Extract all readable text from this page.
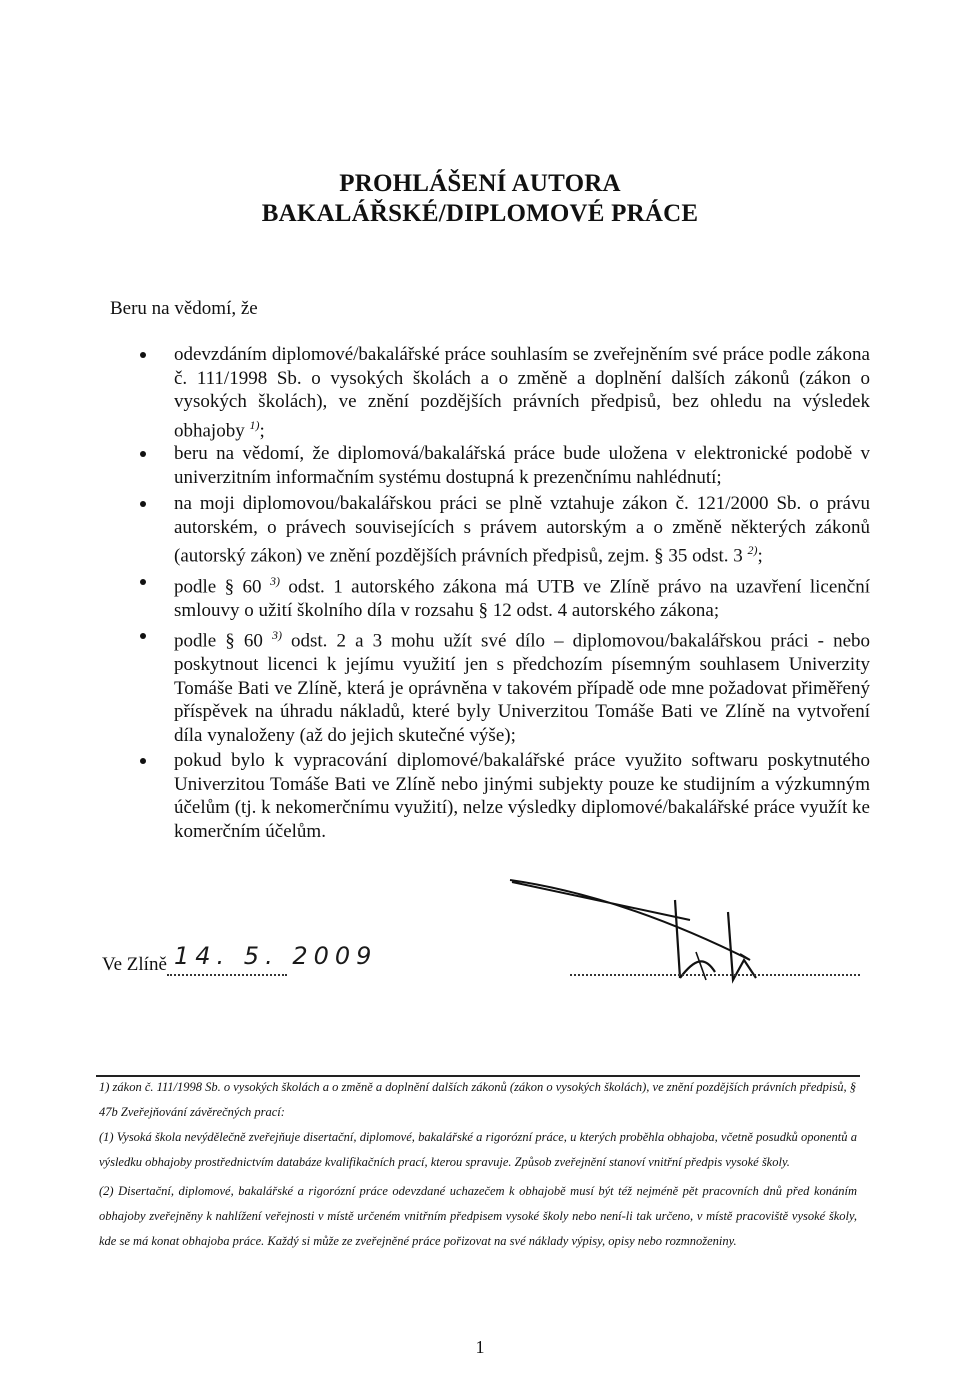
PROHLÁŠENÍ AUTORA
BAKALÁŘSKÉ/DIPLOMOVÉ PRÁCE
Beru na vědomí, že
odevzdáním diplomové/bakalářské práce souhlasím se zveřejněním své práce podle zákona č. 111/1998 Sb. o vysokých školách a o změně a doplnění dalších zákonů (zákon o vysokých školách), ve znění pozdějších právních předpisů, bez ohledu na výsledek obhajoby $^{1)}$;
beru na vědomí, že diplomová/bakalářská práce bude uložena v elektronické podobě v univerzitním informačním systému dostupná k prezenčnímu nahlédnutí;
na moji diplomovou/bakalářskou práci se plně vztahuje zákon č. 121/2000 Sb. o právu autorském, o právech souvisejících s právem autorským a o změně některých zákonů (autorský zákon) ve znění pozdějších právních předpisů, zejm. § 35 odst. 3 $^{2)}$;
podle § 60 $^{3)}$ odst. 1 autorského zákona má UTB ve Zlíně právo na uzavření licenční smlouvy o užití školního díla v rozsahu § 12 odst. 4 autorského zákona;
podle § 60 $^{3)}$ odst. 2 a 3 mohu užít své dílo – diplomovou/bakalářskou práci - nebo poskytnout licenci k jejímu využití jen s předchozím písemným souhlasem Univerzity Tomáše Bati ve Zlíně, která je oprávněna v takovém případě ode mne požadovat přiměřený příspěvek na úhradu nákladů, které byly Univerzitou Tomáše Bati ve Zlíně na vytvoření díla vynaloženy (až do jejich skutečné výše);
pokud bylo k vypracování diplomové/bakalářské práce využito softwaru poskytnutého Univerzitou Tomáše Bati ve Zlíně nebo jinými subjekty pouze ke studijním a výzkumným účelům (tj. k nekomerčnímu využití), nelze výsledky diplomové/bakalářské práce využít ke komerčním účelům.
Ve Zlíně 14. 5. 2009

1) zákon č. 111/1998 Sb. o vysokých školách a o změně a doplnění dalších zákonů (zákon o vysokých školách), ve znění pozdějších právních předpisů, § 47b Zveřejňování závěrečných prací:

(1) Vysoká škola nevýdělečně zveřejňuje disertační, diplomové, bakalářské a rigorózní práce, u kterých proběhla obhajoba, včetně posudků oponentů a výsledku obhajoby prostřednictvím databáze kvalifikačních prací, kterou spravuje. Způsob zveřejnění stanoví vnitřní předpis vysoké školy.

(2) Disertační, diplomové, bakalářské a rigorózní práce odevzdané uchazečem k obhajobě musí být též nejméně pět pracovních dnů před konáním obhajoby zveřejněny k nahlížení veřejnosti v místě určeném vnitřním předpisem vysoké školy nebo není-li tak určeno, v místě pracoviště vysoké školy, kde se má konat obhajoba práce. Každý si může ze zveřejněné práce pořizovat na své náklady výpisy, opisy nebo rozmnoženiny.

1
